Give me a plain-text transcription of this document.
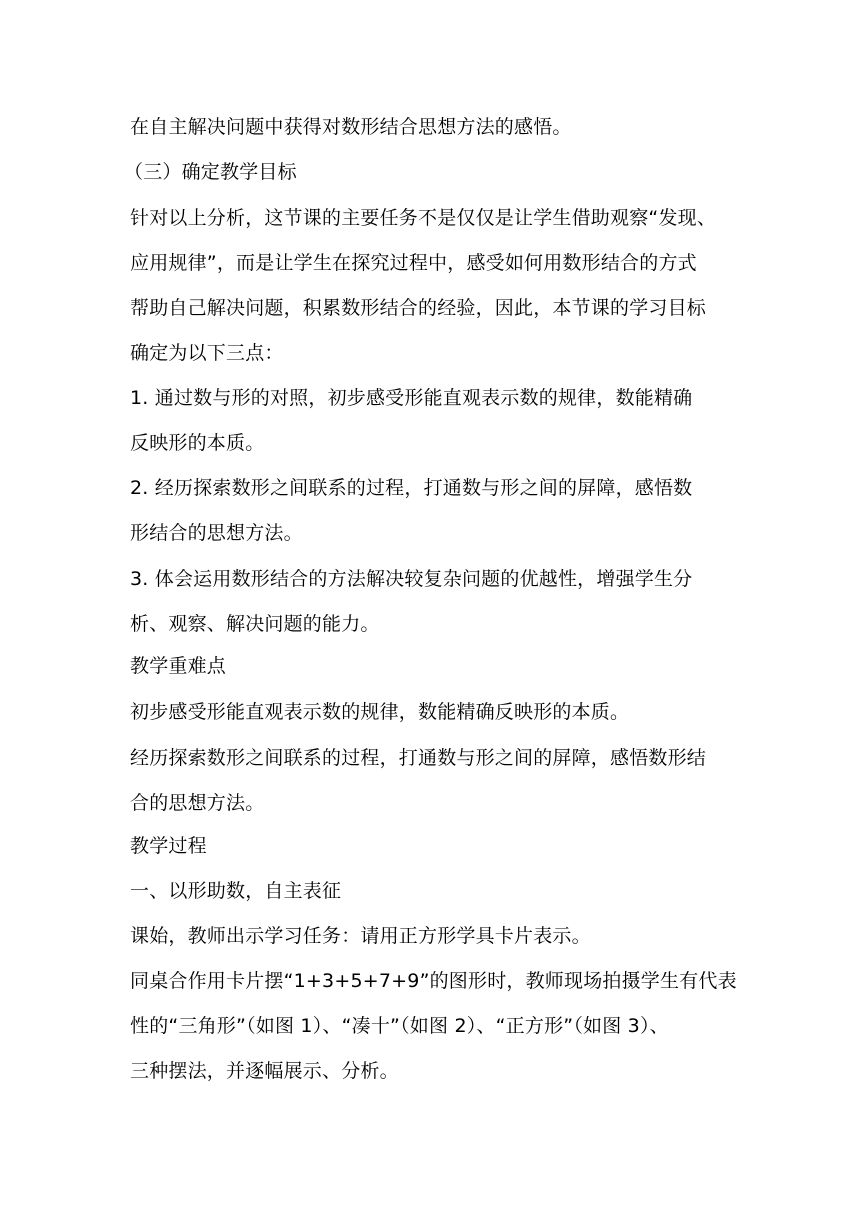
在自主解决问题中获得对数形结合思想方法的感悟。
（三）确定教学目标
针对以上分析，这节课的主要任务不是仅仅是让学生借助观察“发现、
应用规律”，而是让学生在探究过程中，感受如何用数形结合的方式
帮助自己解决问题，积累数形结合的经验，因此，本节课的学习目标
确定为以下三点：
1. 通过数与形的对照，初步感受形能直观表示数的规律，数能精确
反映形的本质。
2. 经历探索数形之间联系的过程，打通数与形之间的屏障，感悟数
形结合的思想方法。
3. 体会运用数形结合的方法解决较复杂问题的优越性，增强学生分
析、观察、解决问题的能力。
教学重难点
初步感受形能直观表示数的规律，数能精确反映形的本质。
经历探索数形之间联系的过程，打通数与形之间的屏障，感悟数形结
合的思想方法。
教学过程
一、以形助数，自主表征
课始，教师出示学习任务：请用正方形学具卡片表示。
同桌合作用卡片摆“1+3+5+7+9”的图形时，教师现场拍摄学生有代表
性的“三角形”（如图 1）、“凑十”（如图 2）、“正方形”（如图 3）、
三种摆法，并逐幅展示、分析。
